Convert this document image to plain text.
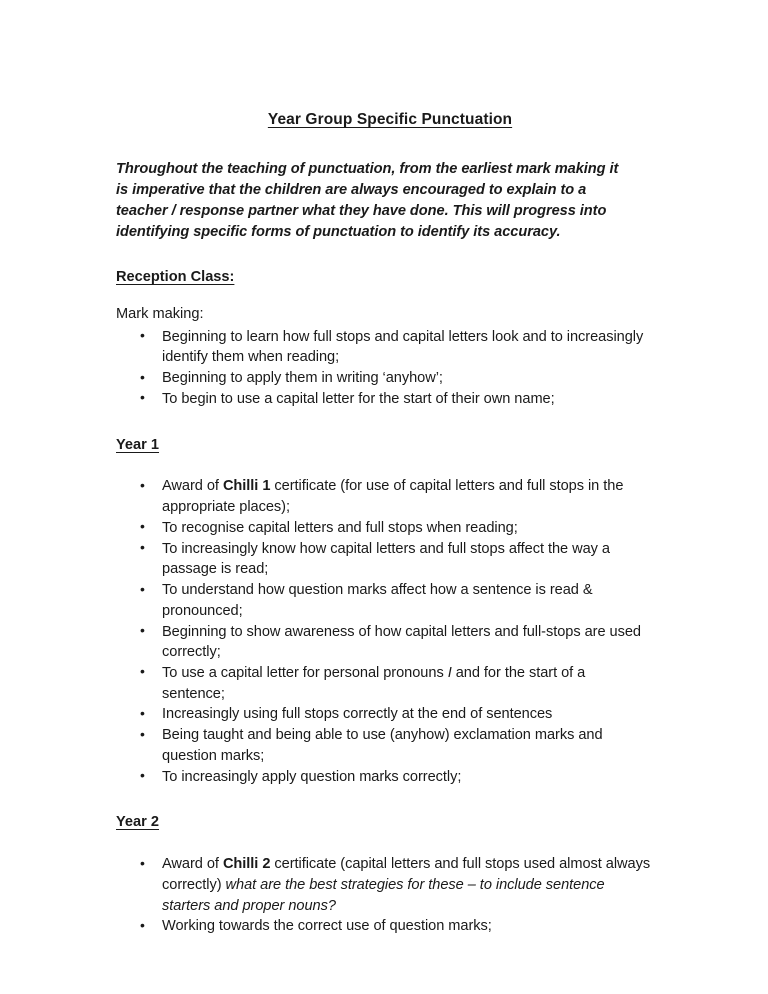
Year Group Specific Punctuation

Throughout the teaching of punctuation, from the earliest mark making it is imperative that the children are always encouraged to explain to a teacher / response partner what they have done. This will progress into identifying specific forms of punctuation to identify its accuracy.

Reception Class:

Mark making:

• Beginning to learn how full stops and capital letters look and to increasingly identify them when reading;
• Beginning to apply them in writing ‘anyhow’;
• To begin to use a capital letter for the start of their own name;
Year 1
• Award of Chilli 1 certificate (for use of capital letters and full stops in the appropriate places);
• To recognise capital letters and full stops when reading;
• To increasingly know how capital letters and full stops affect the way a passage is read;
• To understand how question marks affect how a sentence is read & pronounced;
• Beginning to show awareness of how capital letters and full-stops are used correctly;
• To use a capital letter for personal pronouns I and for the start of a sentence;
• Increasingly using full stops correctly at the end of sentences
• Being taught and being able to use (anyhow) exclamation marks and question marks;
• To increasingly apply question marks correctly;
Year 2
• Award of Chilli 2 certificate (capital letters and full stops used almost always correctly) what are the best strategies for these – to include sentence starters and proper nouns?
• Working towards the correct use of question marks;
